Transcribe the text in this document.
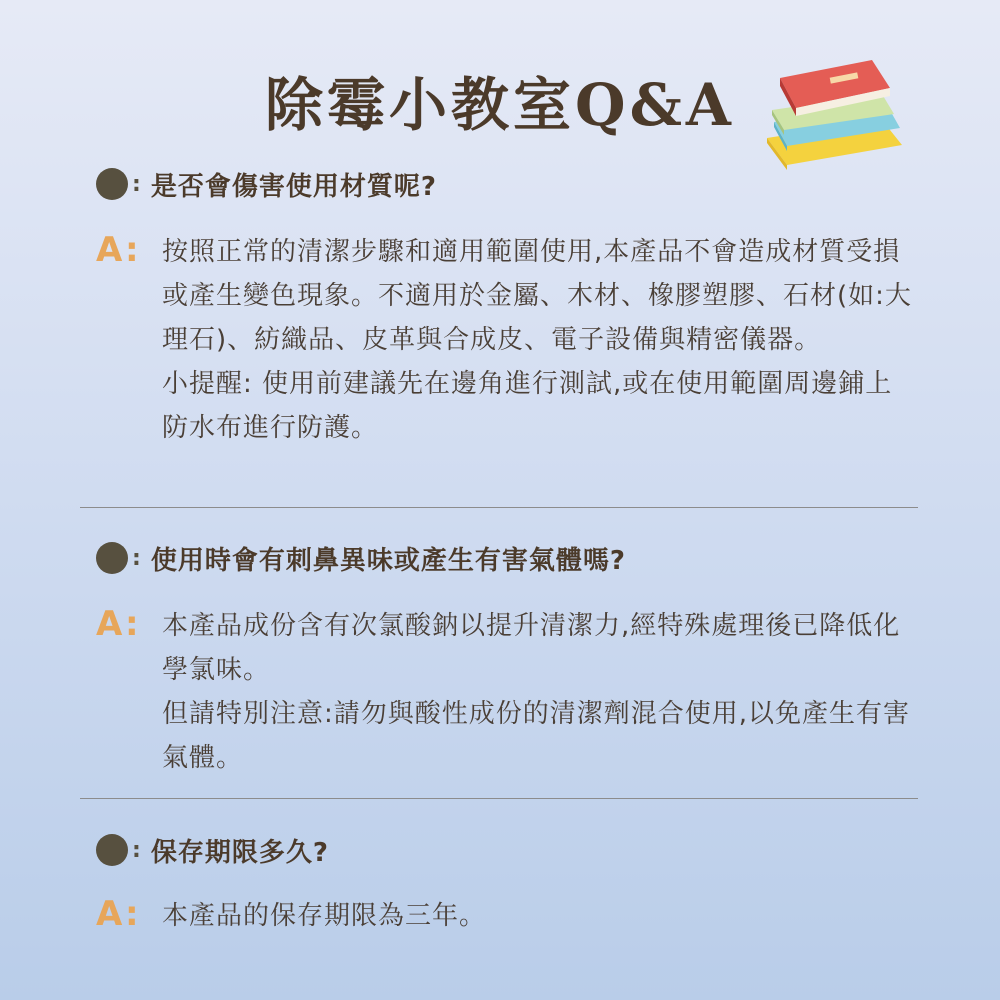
除霉小教室Q&A
: 是否會傷害使用材質呢?
A: 按照正常的清潔步驟和適用範圍使用,本產品不會造成材質受損或產生變色現象。不適用於金屬、木材、橡膠塑膠、石材(如:大理石)、紡織品、皮革與合成皮、電子設備與精密儀器。
小提醒: 使用前建議先在邊角進行測試,或在使用範圍周邊鋪上防水布進行防護。
: 使用時會有刺鼻異味或產生有害氣體嗎?
A: 本產品成份含有次氯酸鈉以提升清潔力,經特殊處理後已降低化學氯味。
但請特別注意:請勿與酸性成份的清潔劑混合使用,以免產生有害氣體。
: 保存期限多久?
A: 本產品的保存期限為三年。
